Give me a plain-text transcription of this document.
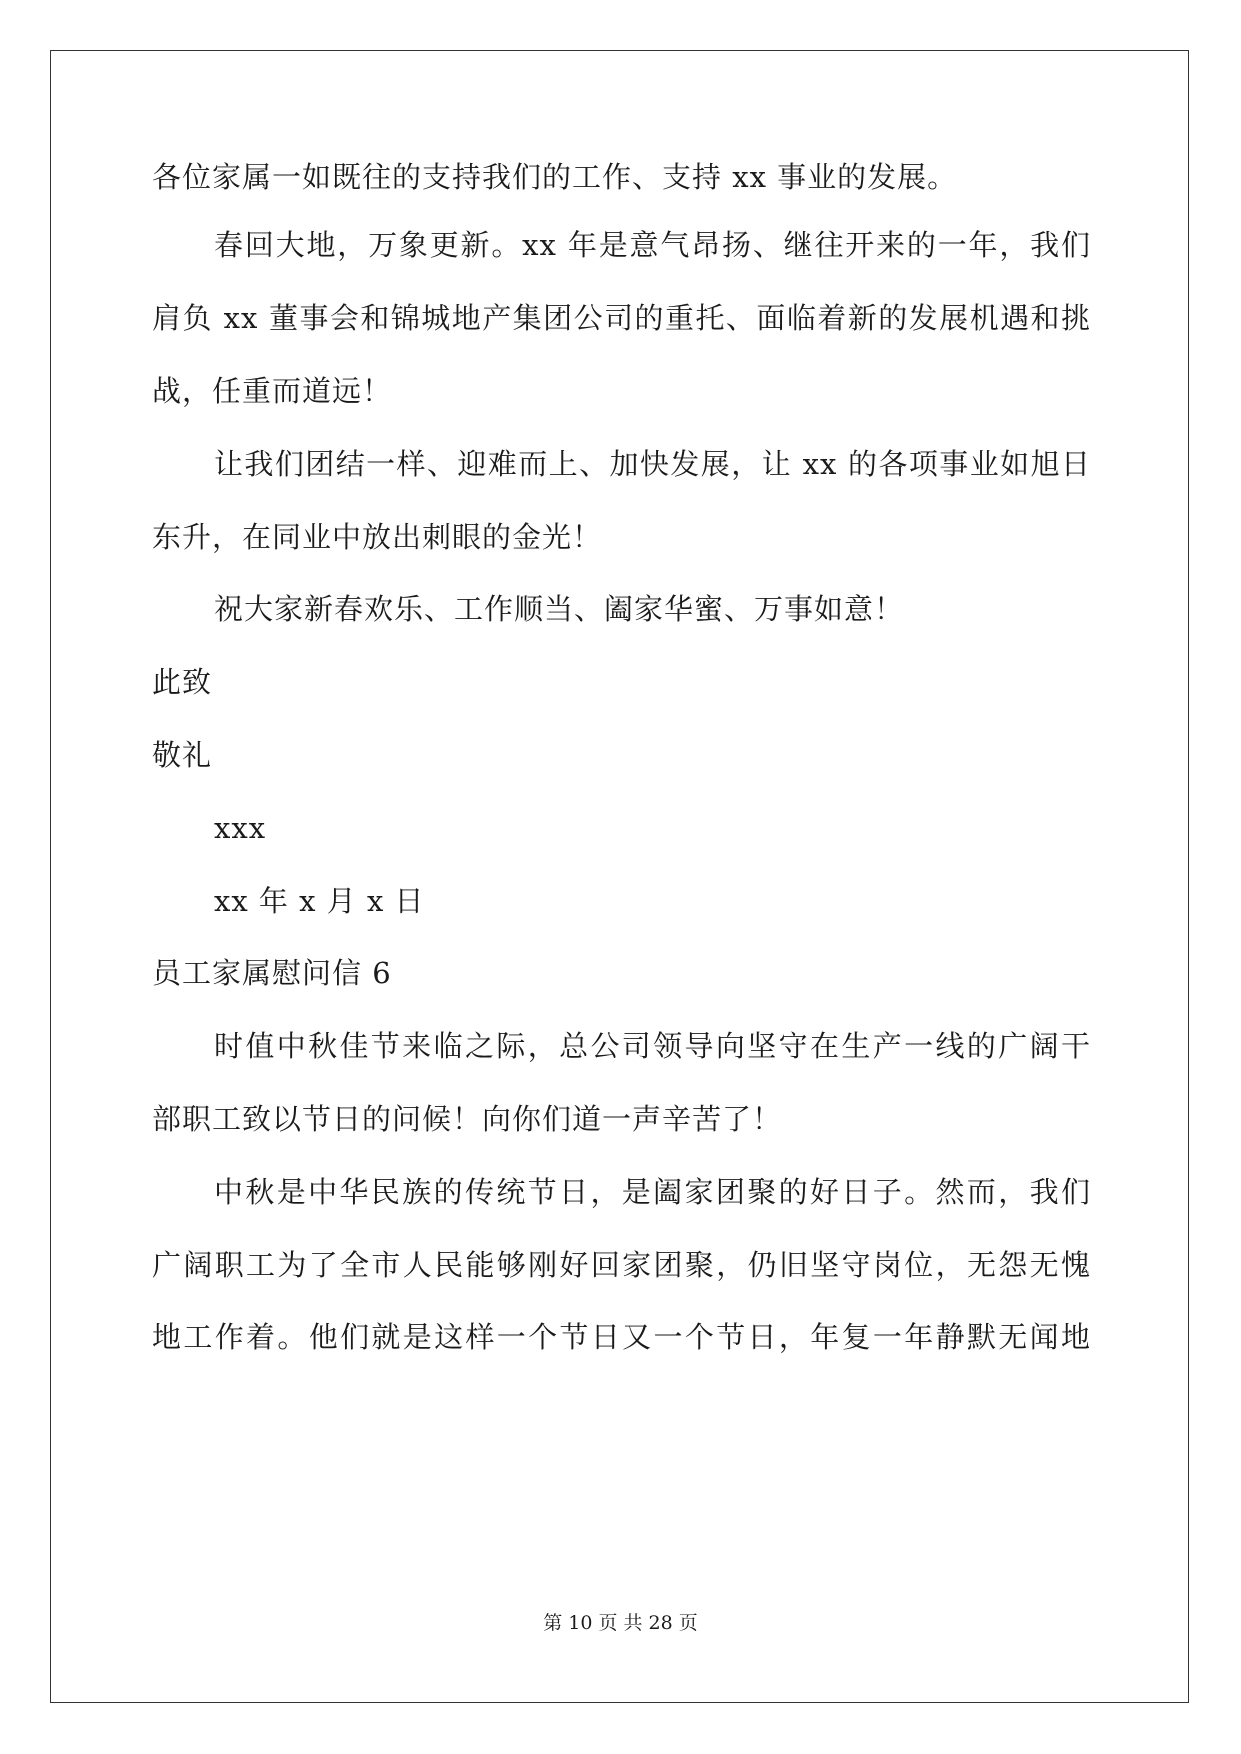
各位家属一如既往的支持我们的工作、支持 xx 事业的发展。
春回大地，万象更新。xx 年是意气昂扬、继往开来的一年，我们
肩负 xx 董事会和锦城地产集团公司的重托、面临着新的发展机遇和挑
战，任重而道远！
让我们团结一样、迎难而上、加快发展，让 xx 的各项事业如旭日
东升，在同业中放出刺眼的金光！
祝大家新春欢乐、工作顺当、阖家华蜜、万事如意！
此致
敬礼
xxx
xx 年 x 月 x 日
员工家属慰问信 6
时值中秋佳节来临之际，总公司领导向坚守在生产一线的广阔干
部职工致以节日的问候！向你们道一声辛苦了！
中秋是中华民族的传统节日，是阖家团聚的好日子。然而，我们
广阔职工为了全市人民能够刚好回家团聚，仍旧坚守岗位，无怨无愧
地工作着。他们就是这样一个节日又一个节日，年复一年静默无闻地
第 10 页 共 28 页
